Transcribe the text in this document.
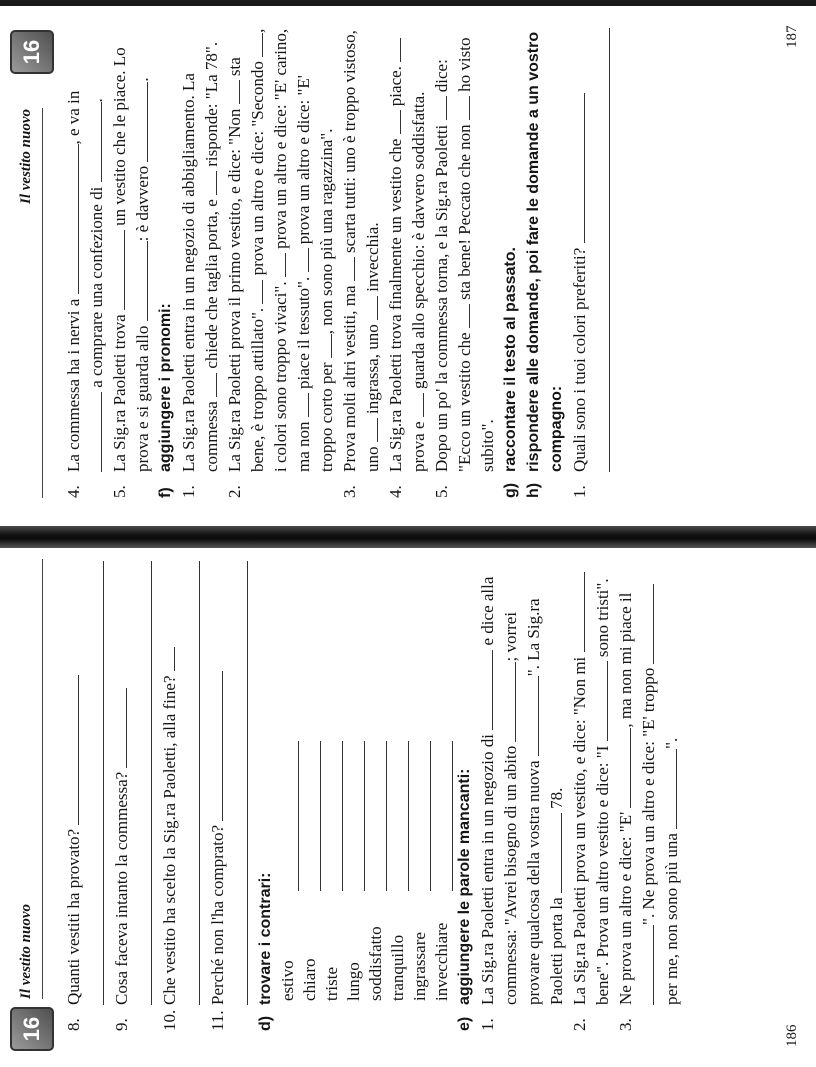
Il vestito nuovo
16
187

4.
La commessa ha i nervi a , e va in  a comprare una confezione di .

5.
La Sig.ra Paoletti trova  un vestito che le piace. Lo prova e si guarda allo : è davvero .

f)
aggiungere i pronomi:

1.
La Sig.ra Paoletti entra in un negozio di abbigliamento. La commessa  chiede che taglia porta, e  risponde: "La 78".

2.
La Sig.ra Paoletti prova il primo vestito, e dice: "Non  sta bene, è troppo attillato".  prova un altro e dice: "Secondo , i colori sono troppo vivaci".  prova un altro e dice: "E' carino, ma non  piace il tessuto".  prova un altro e dice: "E' troppo corto per , non sono più una ragazzina".

3.
Prova molti altri vestiti, ma  scarta tutti: uno è troppo vistoso, uno  ingrassa, uno  invecchia.

4.
La Sig.ra Paoletti trova finalmente un vestito che  piace.  prova e  guarda allo specchio: è davvero soddisfatta.

5.
Dopo un po' la commessa torna, e la Sig.ra Paoletti  dice: "Ecco un vestito che  sta bene! Peccato che non  ho visto subito".

g)
raccontare il testo al passato.

h)
rispondere alle domande, poi fare le domande a un vostro compagno:

1.
Quali sono i tuoi colori preferiti?

16
Il vestito nuovo
186

8.
Quanti vestiti ha provato?

9.
Cosa faceva intanto la commessa?

10.
Che vestito ha scelto la Sig.ra Paoletti, alla fine?

11.
Perché non l'ha comprato?

d)
trovare i contrari: estivo chiaro triste lungo soddisfatto tranquillo ingrassare invecchiare

e)
aggiungere le parole mancanti:

1.
La Sig.ra Paoletti entra in un negozio di  e dice alla commessa: "Avrei bisogno di un abito ; vorrei provare qualcosa della vostra nuova ". La Sig.ra Paoletti porta la  78.

2.
La Sig.ra Paoletti prova un vestito, e dice: "Non mi bene". Prova un altro vestito e dice: "I  sono tristi".

3.
Ne prova un altro e dice: "E' , ma non mi piace il ". Ne prova un altro e dice: "E' troppo per me, non sono più una ".
